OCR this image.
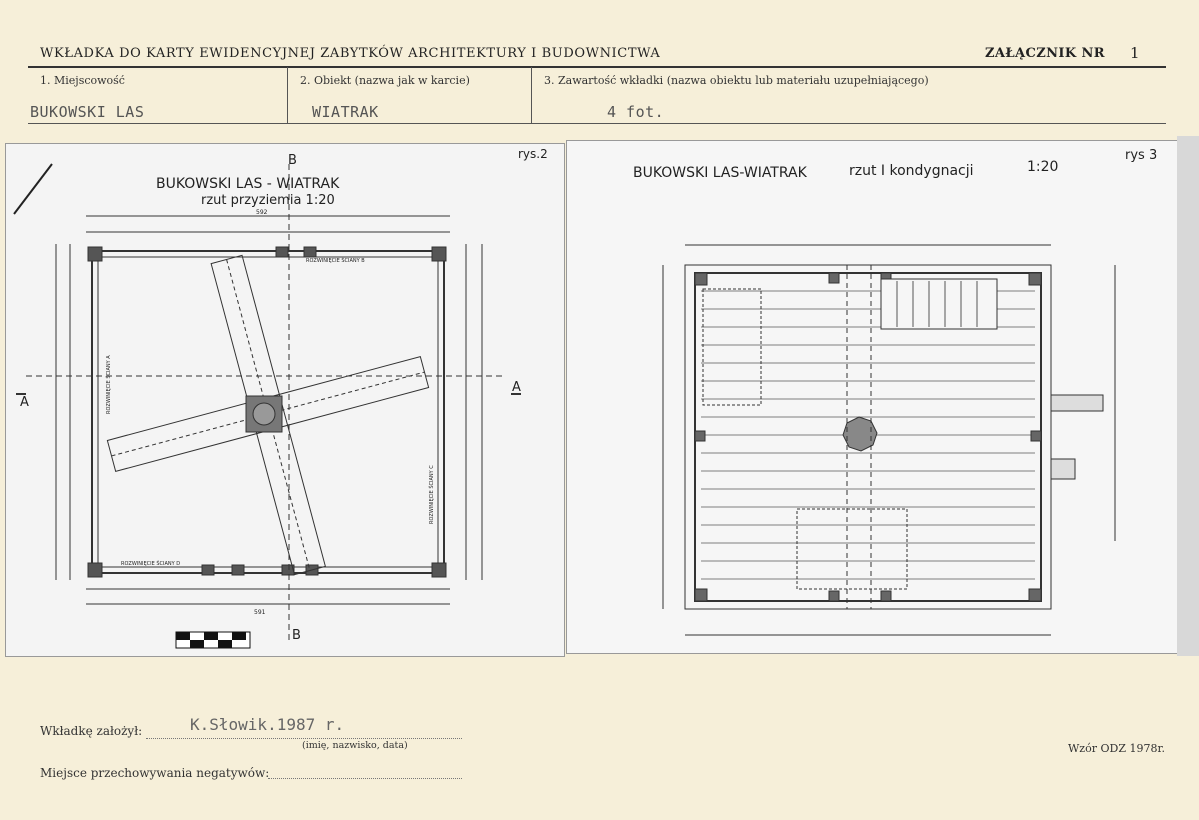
WKŁADKA DO KARTY EWIDENCYJNEJ ZABYTKÓW ARCHITEKTURY I BUDOWNICTWA	ZAŁĄCZNIK NR 1
1. Miejscowość
BUKOWSKI LAS
2. Obiekt (nazwa jak w karcie)
WIATRAK
3. Zawartość wkładki (nazwa obiektu lub materiału uzupełniającego)
4 fot.
BUKOWSKI LAS - WIATRAK
rzut przyziemia 1:20
rys.2
592
591
A
A
B
B
ROZWINIĘCIE ŚCIANY B
ROZWINIĘCIE ŚCIANY D
ROZWINIĘCIE ŚCIANY A
ROZWINIĘCIE ŚCIANY C
BUKOWSKI LAS-WIATRAK	rzut I kondygnacji	1:20
rys 3
Wkładkę założył:	K.Słowik.1987 r.
(imię, nazwisko, data)
Miejsce przechowywania negatywów:
Wzór ODZ 1978r.
